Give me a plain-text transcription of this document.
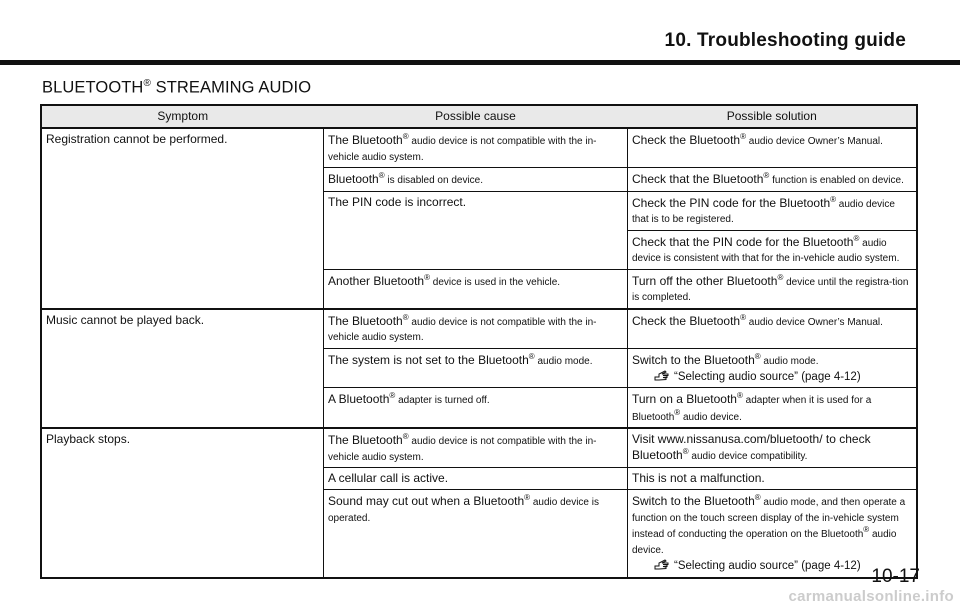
10. Troubleshooting guide
BLUETOOTH® STREAMING AUDIO
Symptom	Possible cause	Possible solution
Registration cannot be performed.	The Bluetooth® audio device is not compatible with the in-vehicle audio system.	Check the Bluetooth® audio device Owner’s Manual.
	Bluetooth® is disabled on device.	Check that the Bluetooth® function is enabled on device.
	The PIN code is incorrect.	Check the PIN code for the Bluetooth® audio device that is to be registered.
		Check that the PIN code for the Bluetooth® audio device is consistent with that for the in-vehicle audio system.
	Another Bluetooth® device is used in the vehicle.	Turn off the other Bluetooth® device until the registra-tion is completed.
Music cannot be played back.	The Bluetooth® audio device is not compatible with the in-vehicle audio system.	Check the Bluetooth® audio device Owner’s Manual.
	The system is not set to the Bluetooth® audio mode.	Switch to the Bluetooth® audio mode.
“Selecting audio source” (page 4-12)

	A Bluetooth® adapter is turned off.	Turn on a Bluetooth® adapter when it is used for a Bluetooth® audio device.
Playback stops.	The Bluetooth® audio device is not compatible with the in-vehicle audio system.	Visit www.nissanusa.com/bluetooth/ to check Bluetooth® audio device compatibility.
	A cellular call is active.	This is not a malfunction.
	Sound may cut out when a Bluetooth® audio device is operated.	Switch to the Bluetooth® audio mode, and then operate a function on the touch screen display of the in-vehicle system instead of conducting the operation on the Bluetooth® audio device.
“Selecting audio source” (page 4-12) 10-17
carmanualsonline.info
